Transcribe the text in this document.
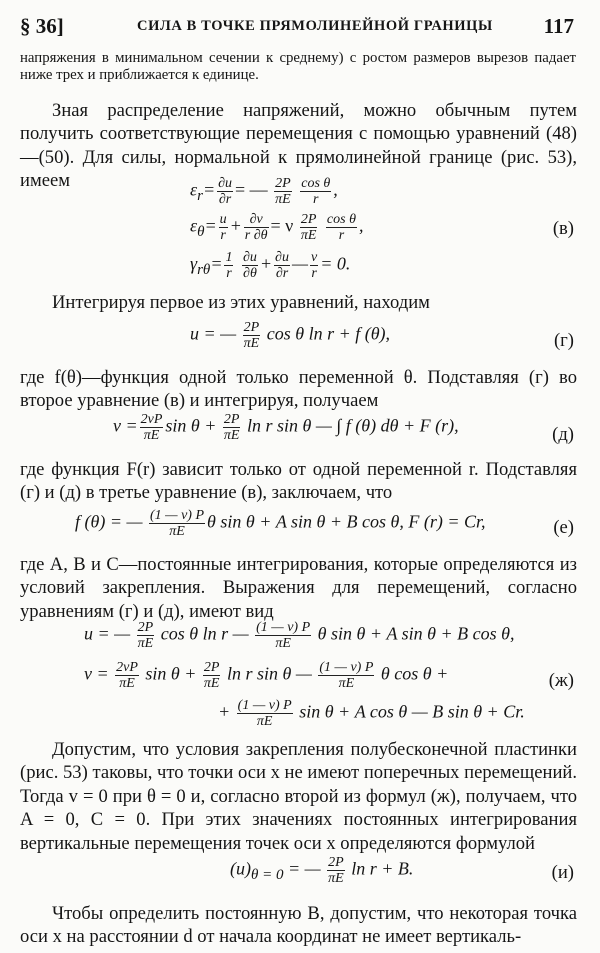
§ 36]	СИЛА В ТОЧКЕ ПРЯМОЛИНЕЙНОЙ ГРАНИЦЫ 117
напряжения в минимальном сечении к среднему) с ростом размеров вырезов падает ниже трех и приближается к единице.
Зная распределение напряжений, можно обычным путем получить соответствующие перемещения с помощью уравнений (48)—(50). Для силы, нормальной к прямолинейной границе (рис. 53), имеем	$\varepsilon_r= \frac{\partial u}{\partial r}$ = — $\frac{2P}{\pi E}$
$\frac{\text{cos θ}}{r}$ ,
$\varepsilon_\theta= \frac{u}{r} + \frac{\partial v}{r \partial\theta} = \nu \frac{2P}{\pi E}$
$\frac{\text{cos θ}}{r}$ ,	(в)
$\gamma_{r\theta}= \frac{1}{r}$
$\frac{\partial u}{\partial\theta} + \frac{\partial u}{\partial r}$ — $\frac{v}{r} = 0$.
Интегрируя первое из этих уравнений, находим
u = — $\frac{2P}{\pi E}$ cos θ ln r + f (θ),	(г)
где f(θ)—функция одной только переменной θ. Подставляя (г) во второе уравнение (в) и интегрируя, получаем
$v = \frac{2\nu P}{\pi E}$ $\sin \theta + \frac{2P}{\pi E}$ ln r sin θ — ∫ f (θ) dθ + F (r),	(д)
где функция F(r) зависит только от одной переменной r. Подставляя (г) и (д) в третье уравнение (в), заключаем, что
f (θ) = — $\frac{(1 — \nu) P}{\pi E}$ θ sin θ + A sin θ + B cos θ, F (r) = Cr,	(е)
где A, B и C—постоянные интегрирования, которые определяются из условий закрепления. Выражения для перемещений, согласно уравнениям (г) и (д), имеют вид
u = — $\frac{2P}{\pi E}$ cos θ ln r — $\frac{(1 — \nu) P}{\pi E}$ θ sin θ + A sin θ + B cos θ,
$v = \frac{2\nu P}{\pi E}$ $\sin \theta + \frac{2P}{\pi E}$ ln r sin θ — $\frac{(1 — \nu) P}{\pi E}$ θ cos θ +	(ж)
+ $\frac{(1 — \nu) P}{\pi E}$ sin θ + A cos θ — B sin θ + Cr.
Допустим, что условия закрепления полубесконечной пластинки (рис. 53) таковы, что точки оси x не имеют поперечных перемещений. Тогда v = 0 при θ = 0 и, согласно второй из формул (ж), получаем, что A = 0, C = 0. При этих значениях постоянных интегрирования вертикальные перемещения точек оси x определяются формулой
$(u)_{\theta = 0}$ = — $\frac{2P}{\pi E}$ ln r + B.	(и)
Чтобы определить постоянную B, допустим, что некоторая точка оси x на расстоянии d от начала координат не имеет вертикаль-
